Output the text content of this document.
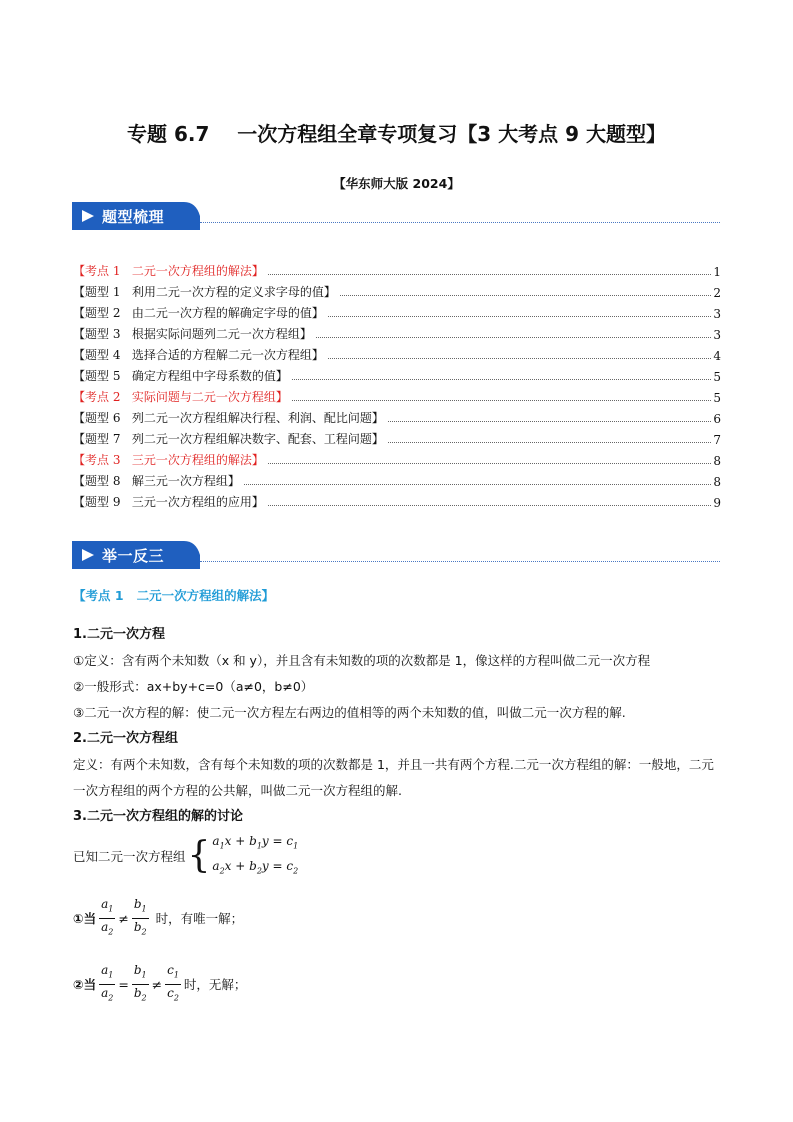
专题 6.7    一次方程组全章专项复习【3 大考点 9 大题型】
【华东师大版 2024】
题型梳理
【考点 1   二元一次方程组的解法】	1
【题型 1   利用二元一次方程的定义求字母的值】	2
【题型 2   由二元一次方程的解确定字母的值】	3
【题型 3   根据实际问题列二元一次方程组】	3
【题型 4   选择合适的方程解二元一次方程组】	4
【题型 5   确定方程组中字母系数的值】	5
【考点 2   实际问题与二元一次方程组】	5
【题型 6   列二元一次方程组解决行程、利润、配比问题】	6
【题型 7   列二元一次方程组解决数字、配套、工程问题】	7
【考点 3   三元一次方程组的解法】	8
【题型 8   解三元一次方程组】	8
【题型 9   三元一次方程组的应用】	9
举一反三
【考点 1   二元一次方程组的解法】
1.二元一次方程
①定义：含有两个未知数（x 和 y），并且含有未知数的项的次数都是 1，像这样的方程叫做二元一次方程
②一般形式：ax+by+c=0（a≠0，b≠0）
③二元一次方程的解：使二元一次方程左右两边的值相等的两个未知数的值，叫做二元一次方程的解.
2.二元一次方程组
定义：有两个未知数，含有每个未知数的项的次数都是 1，并且一共有两个方程.二元一次方程组的解：一般地，二元一次方程组的两个方程的公共解，叫做二元一次方程组的解.
3.二元一次方程组的解的讨论
已知二元一次方程组 { $a_1x + b_1y = c_1$
$a_2x + b_2y = c_2$
①当 $\frac{a_1}{a_2} \ne \frac{b_1}{b_2}$ 时，有唯一解；
②当 $\frac{a_1}{a_2} = \frac{b_1}{b_2} \ne \frac{c_1}{c_2}$ 时，无解；
